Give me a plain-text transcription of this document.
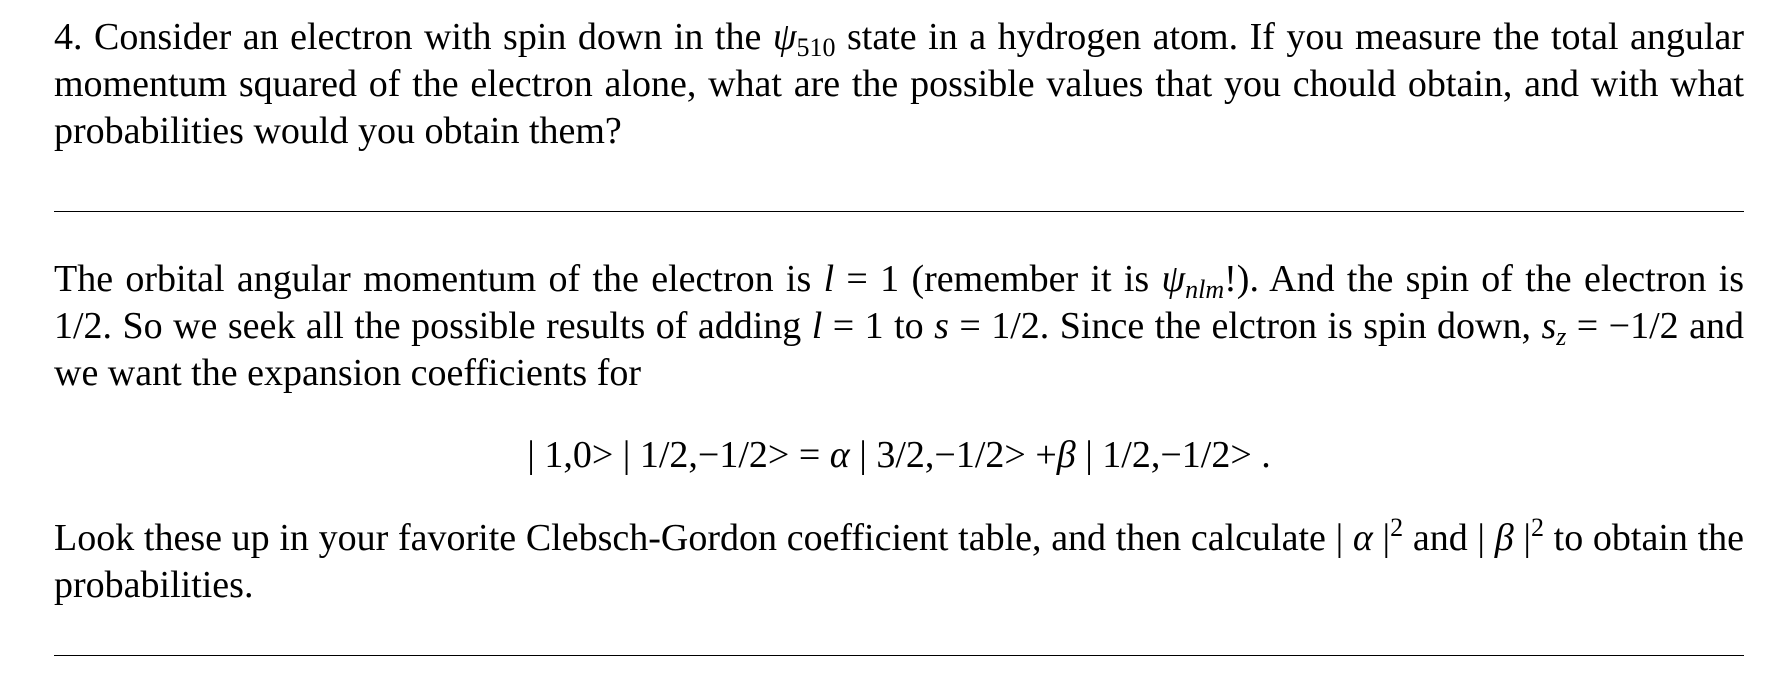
4. Consider an electron with spin down in the $\psi_{510}$ state in a hydrogen atom. If you measure the total angular momentum squared of the electron alone, what are the possible values that you chould obtain, and with what probabilities would you obtain them?

The orbital angular momentum of the electron is l = 1 (remember it is $\psi_{nlm}$!). And the spin of the electron is 1/2. So we seek all the possible results of adding l = 1 to s = 1/2. Since the elctron is spin down, $s_z = -1/2$ and we want the expansion coefficients for

| 1,0> | 1/2,−1/2> = α | 3/2,−1/2> +β | 1/2,−1/2> .

Look these up in your favorite Clebsch-Gordon coefficient table, and then calculate | α $|^2$ and | β $|^2$ to obtain the probabilities.
